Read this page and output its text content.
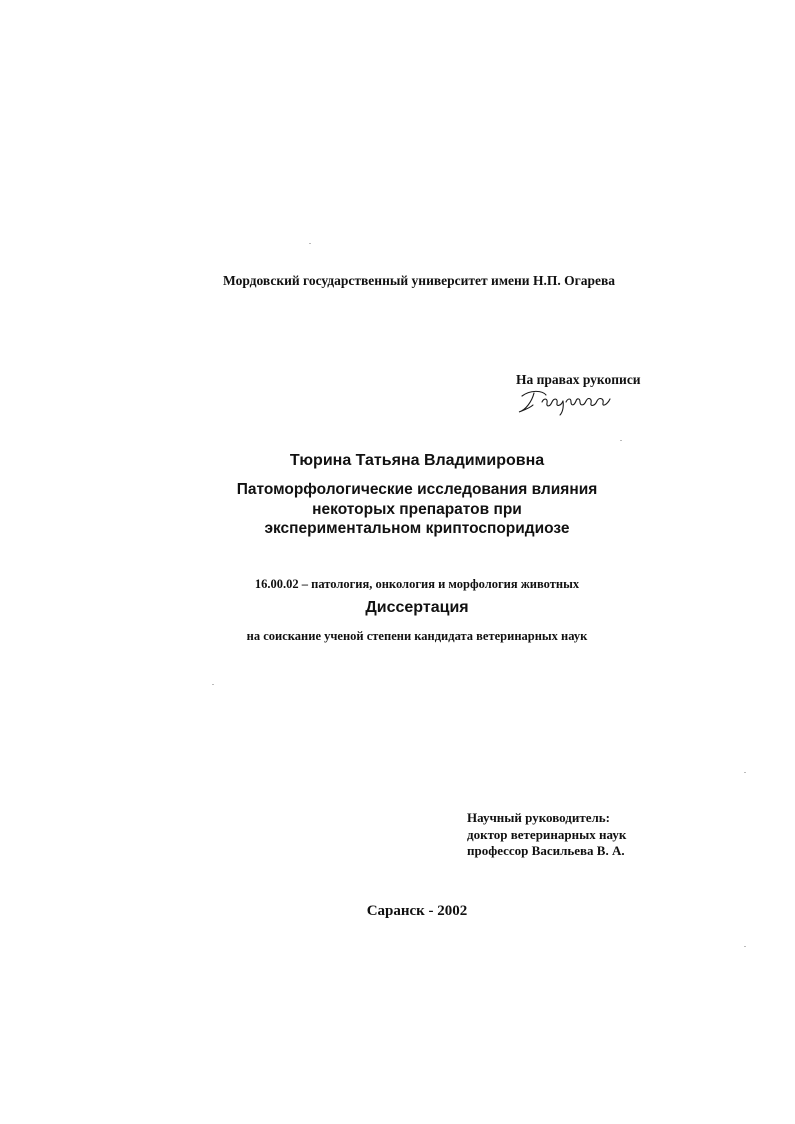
Мордовский государственный университет имени Н.П. Огарева
На правах рукописи
Тюрина Татьяна Владимировна
Патоморфологические исследования влияния
некоторых препаратов при
экспериментальном криптоспоридиозе
16.00.02 – патология, онкология и морфология животных
Диссертация
на соискание ученой степени кандидата ветеринарных наук
Научный руководитель:
доктор ветеринарных наук
профессор Васильева В. А.
Саранск - 2002
